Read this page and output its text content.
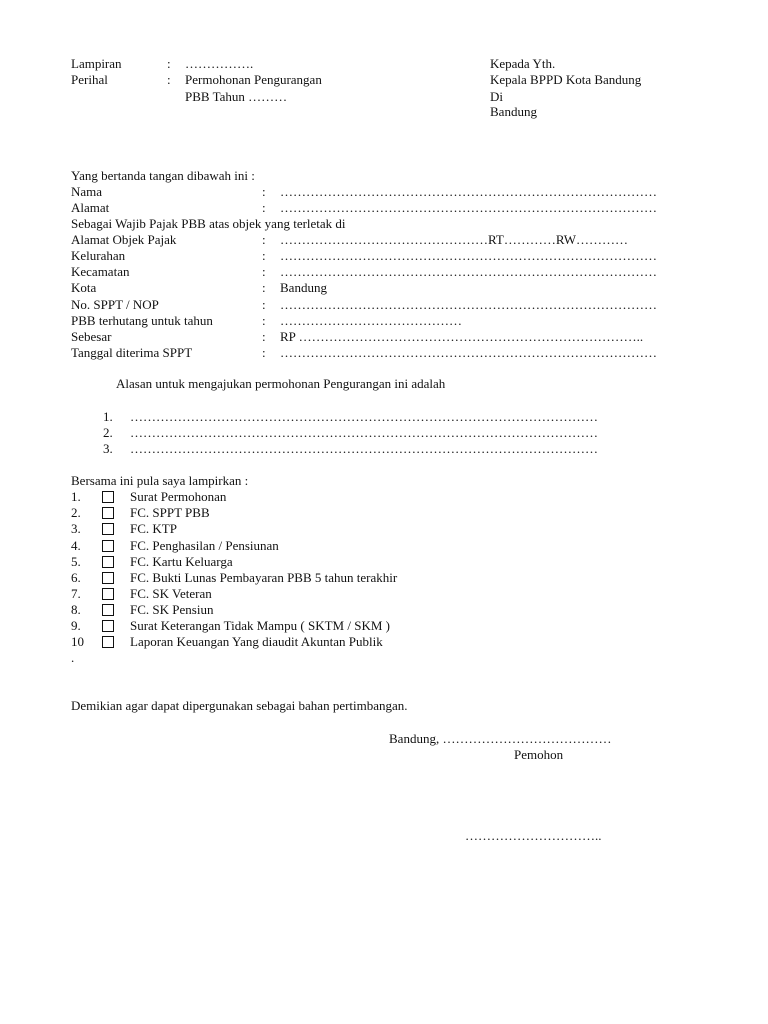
Lampiran	: …………….
Perihal	: Permohonan Pengurangan
PBB Tahun ………
Kepada Yth.
Kepala BPPD Kota Bandung
Di
Bandung
Yang bertanda tangan dibawah ini :
Nama	: ……………………………………………………………………………
Alamat	: ……………………………………………………………………………
Sebagai Wajib Pajak PBB atas objek yang terletak di
Alamat Objek Pajak	: …………………………………………RT…………RW…………
Kelurahan	: ……………………………………………………………………………
Kecamatan	: ……………………………………………………………………………
Kota	: Bandung
No. SPPT / NOP	: ……………………………………………………………………………
PBB terhutang untuk tahun	: ……………………………………
Sebesar	: RP ……………………………………………………………………..
Tanggal diterima SPPT	: ……………………………………………………………………………
Alasan untuk mengajukan permohonan Pengurangan ini adalah
1. ………………………………………………………………………………………………
2. ………………………………………………………………………………………………
3. ………………………………………………………………………………………………
Bersama ini pula saya lampirkan :
1.	Surat Permohonan
2.	FC. SPPT PBB
3.	FC. KTP
4.	FC. Penghasilan / Pensiunan
5.	FC. Kartu Keluarga
6.	FC. Bukti Lunas Pembayaran PBB 5 tahun terakhir
7.	FC. SK Veteran
8.	FC. SK Pensiun
9.	Surat Keterangan Tidak Mampu ( SKTM / SKM )
10	Laporan Keuangan Yang diaudit Akuntan Publik
.
Demikian agar dapat dipergunakan sebagai bahan pertimbangan.
Bandung, …………………………………
Pemohon
…………………………..
